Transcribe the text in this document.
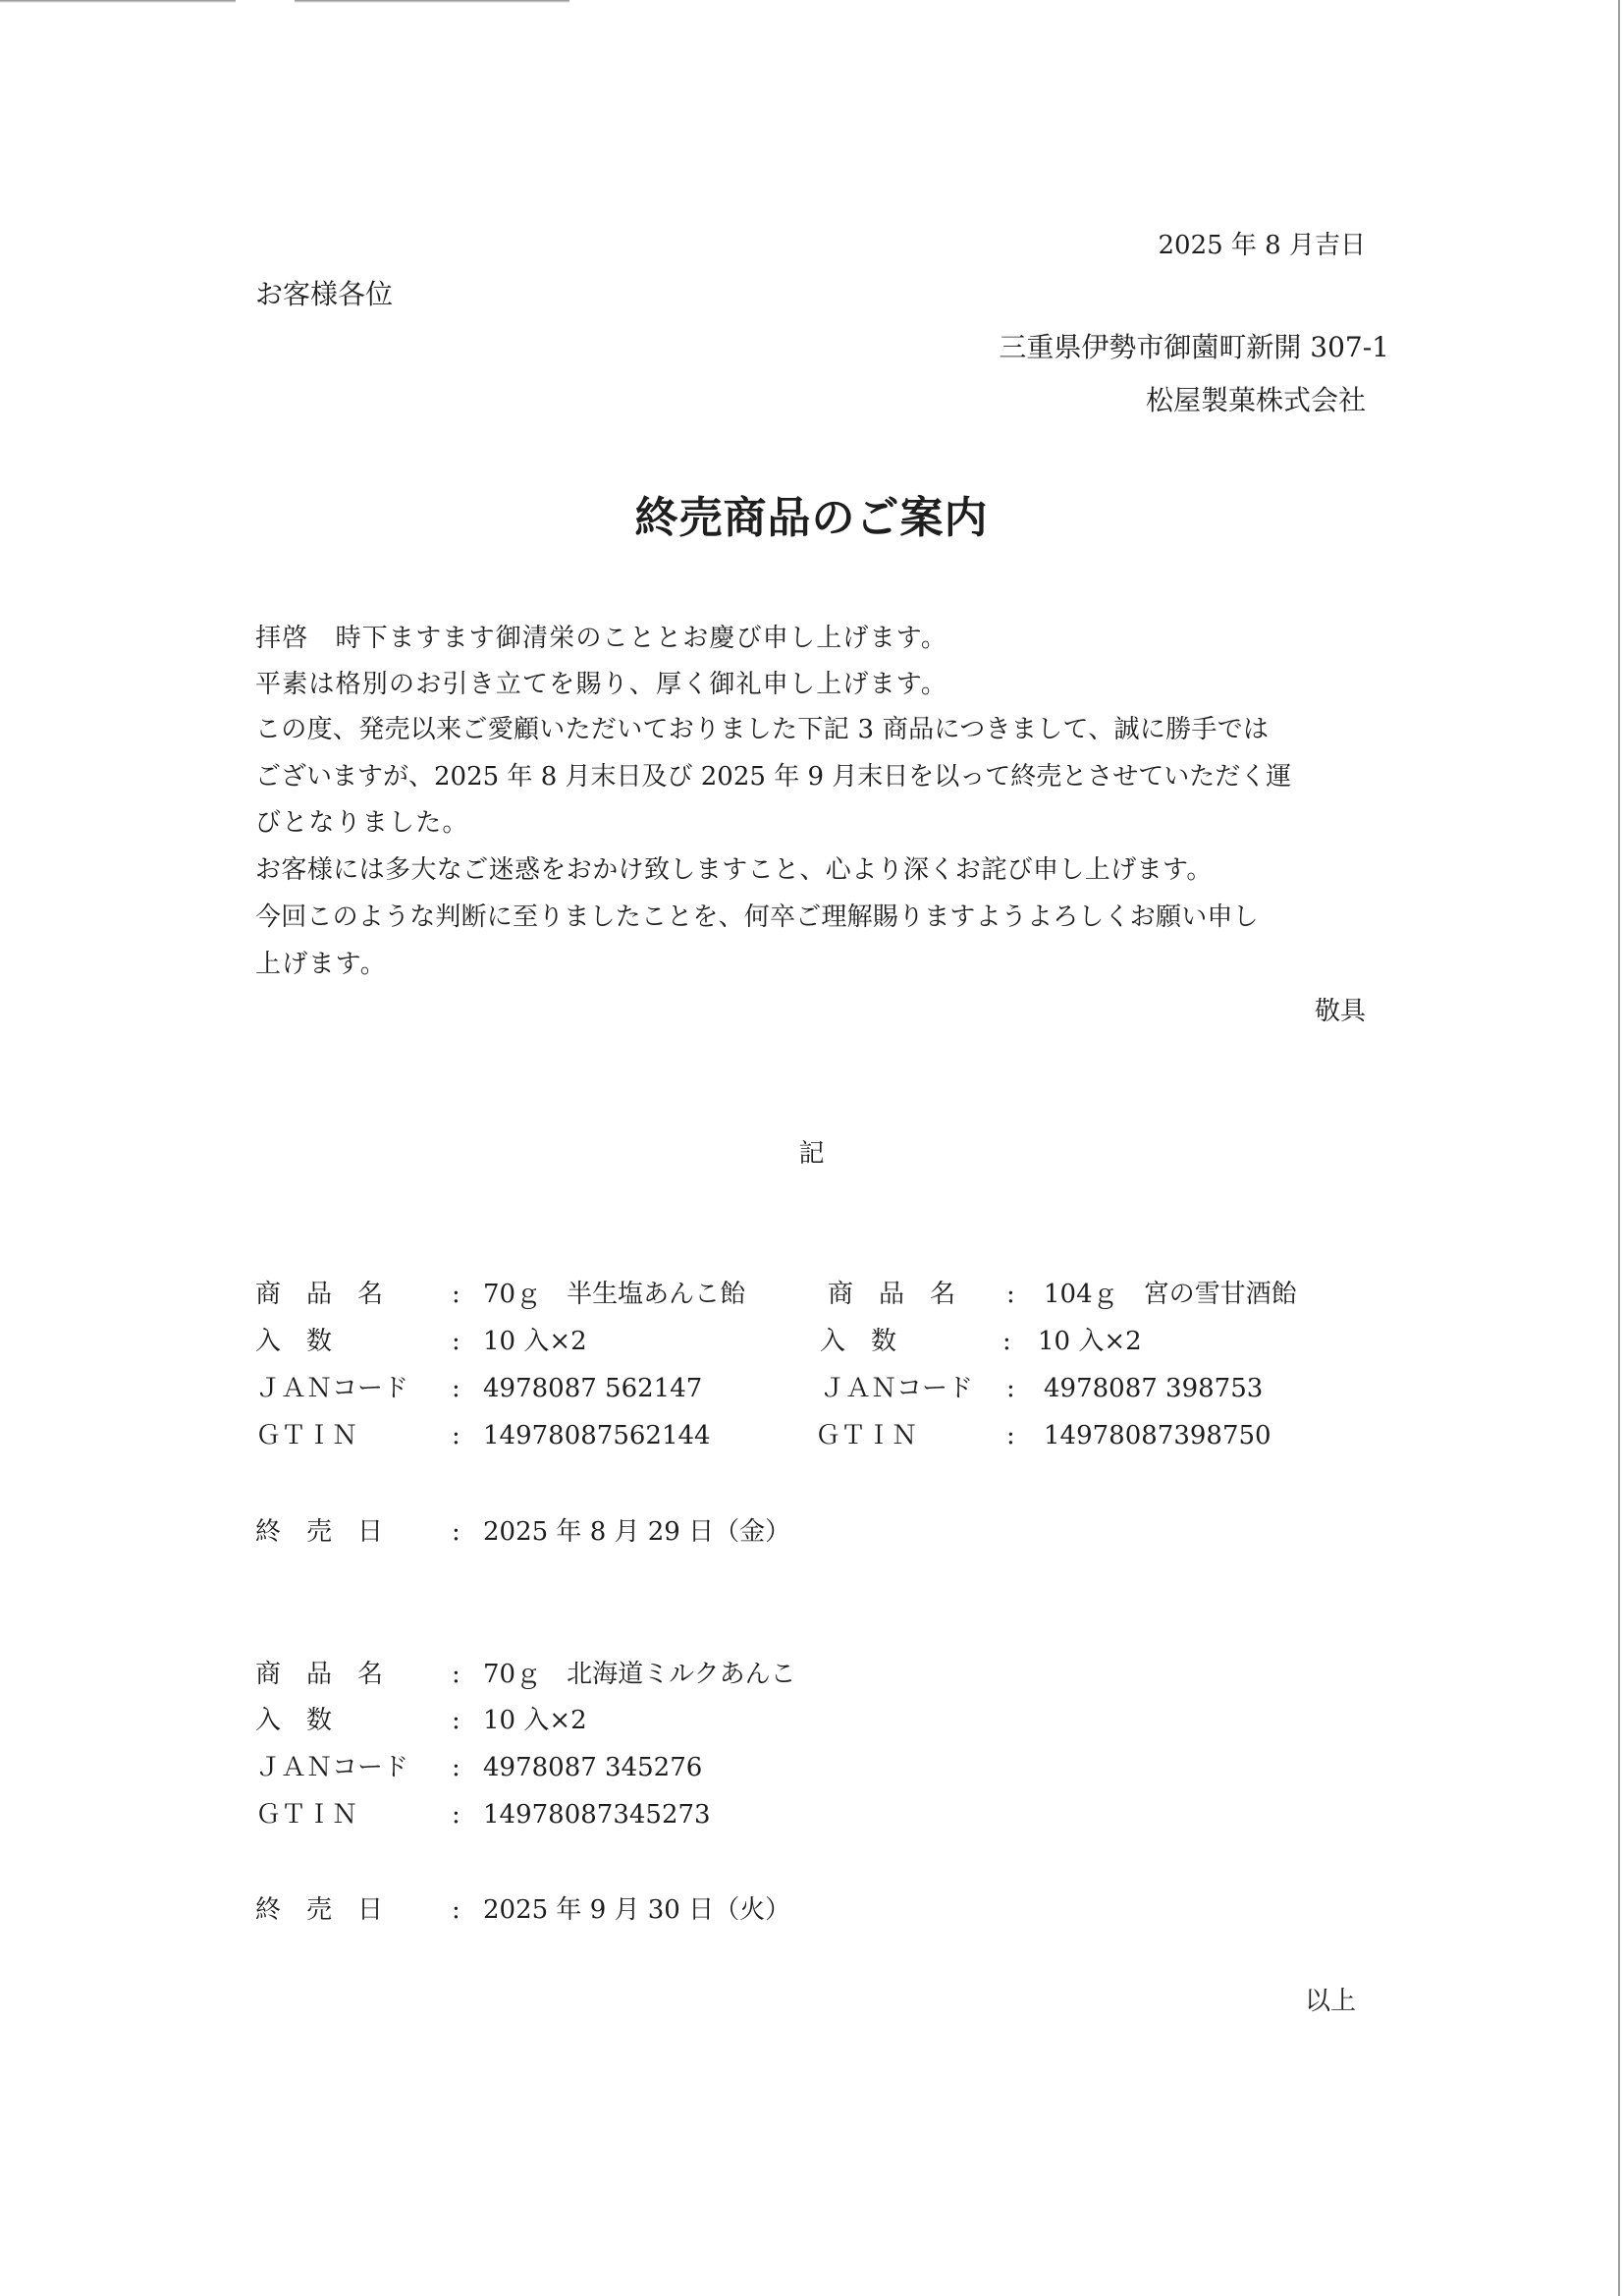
2025 年 8 月吉日
お客様各位
三重県伊勢市御薗町新開 307-1
松屋製菓株式会社
終売商品のご案内
拝啓　時下ますます御清栄のこととお慶び申し上げます。
平素は格別のお引き立てを賜り、厚く御礼申し上げます。
この度、発売以来ご愛顧いただいておりました下記 3 商品につきまして、誠に勝手では
ございますが、2025 年 8 月末日及び 2025 年 9 月末日を以って終売とさせていただく運
びとなりました。
お客様には多大なご迷惑をおかけ致しますこと、心より深くお詫び申し上げます。
今回このような判断に至りましたことを、何卒ご理解賜りますようよろしくお願い申し
上げます。
敬具
記
商　品　名	: 70ｇ　半生塩あんこ飴
入　数	: 10 入×2
ＪＡＮコード : 4978087 562147
ＧＴＩＮ	: 14978087562144
商　品　名 : 104ｇ　宮の雪甘酒飴
入　数	: 10 入×2
ＪＡＮコード : 4978087 398753
ＧＴＩＮ	: 14978087398750
終　売　日	: 2025 年 8 月 29 日（金）
商　品　名	: 70ｇ　北海道ミルクあんこ
入　数	: 10 入×2
ＪＡＮコード : 4978087 345276
ＧＴＩＮ	: 14978087345273
終　売　日	: 2025 年 9 月 30 日（火）
以上
